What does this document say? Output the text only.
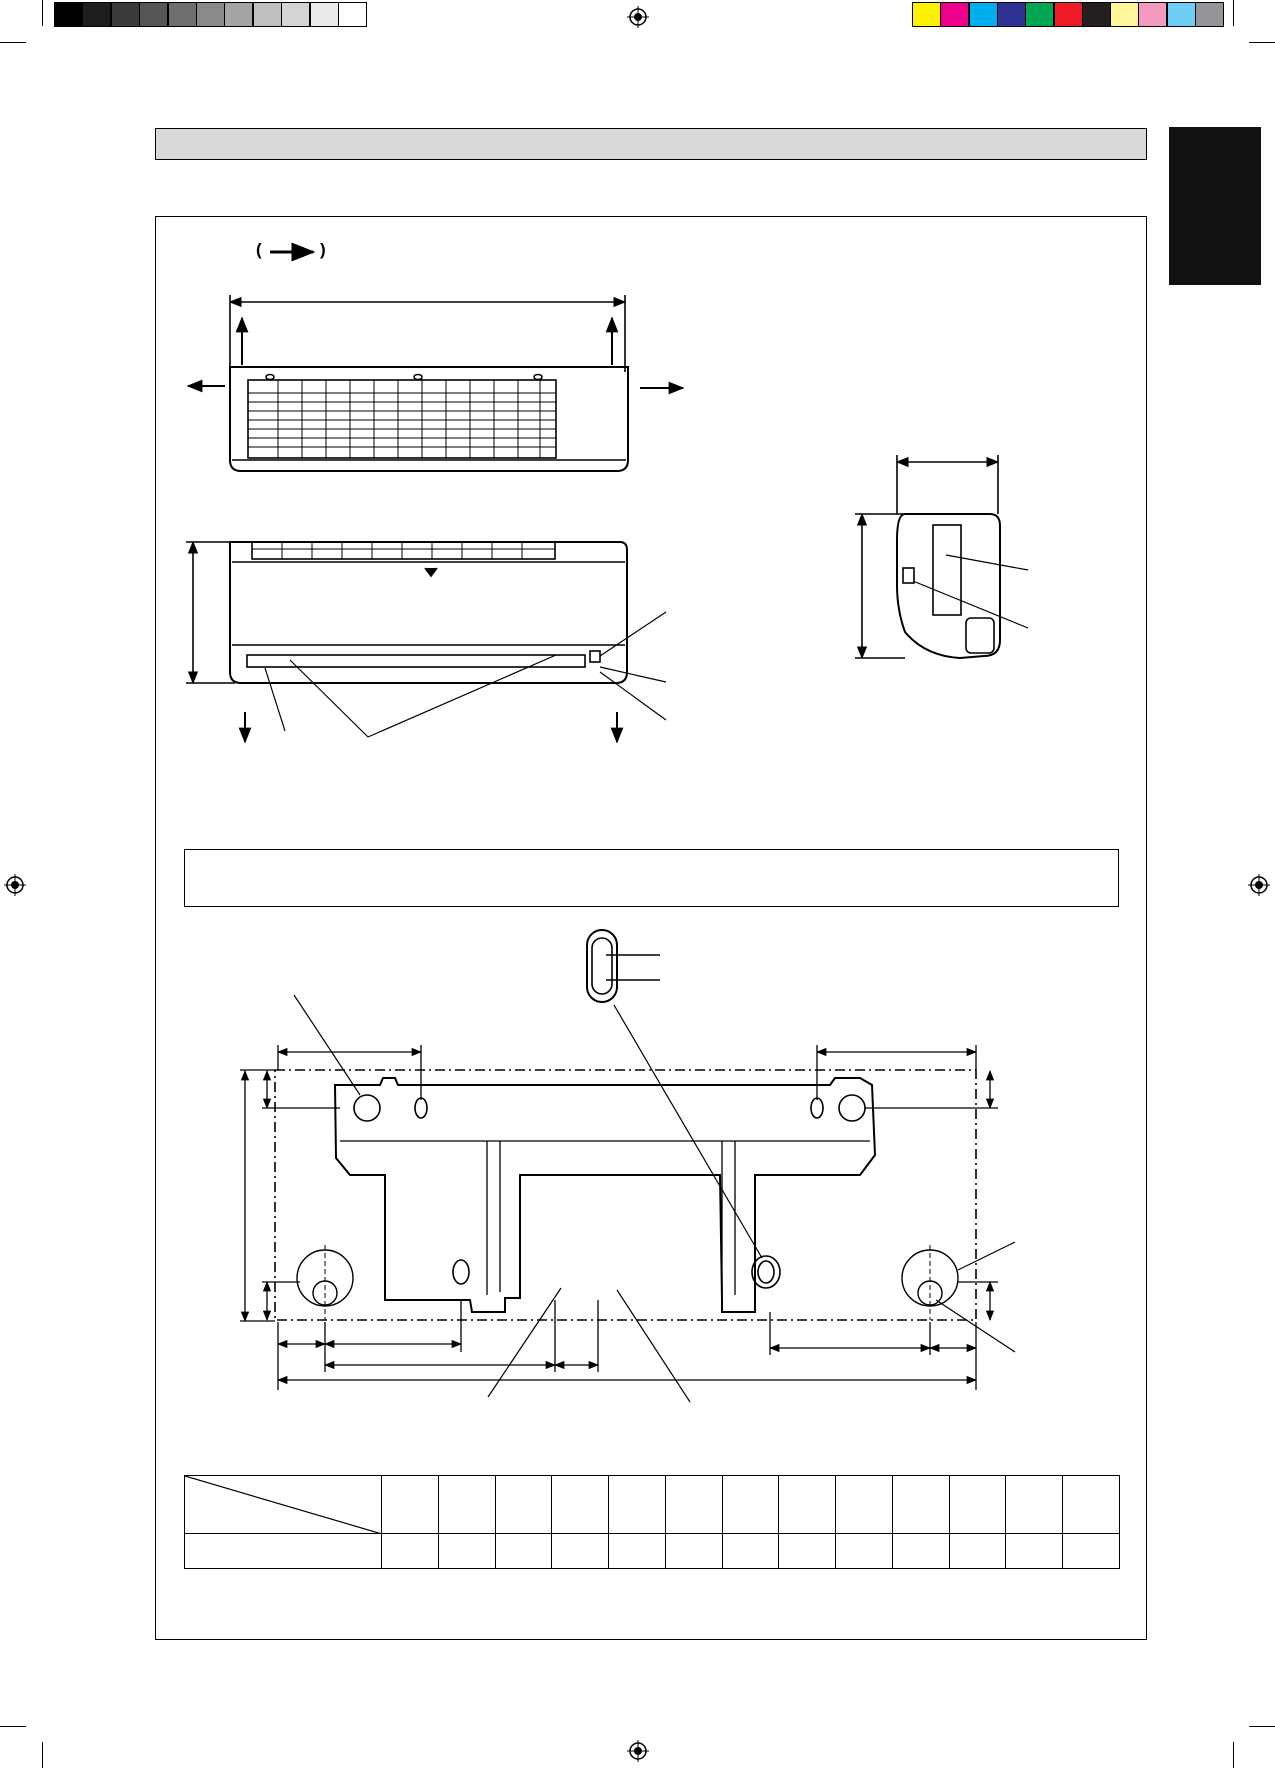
(	)
